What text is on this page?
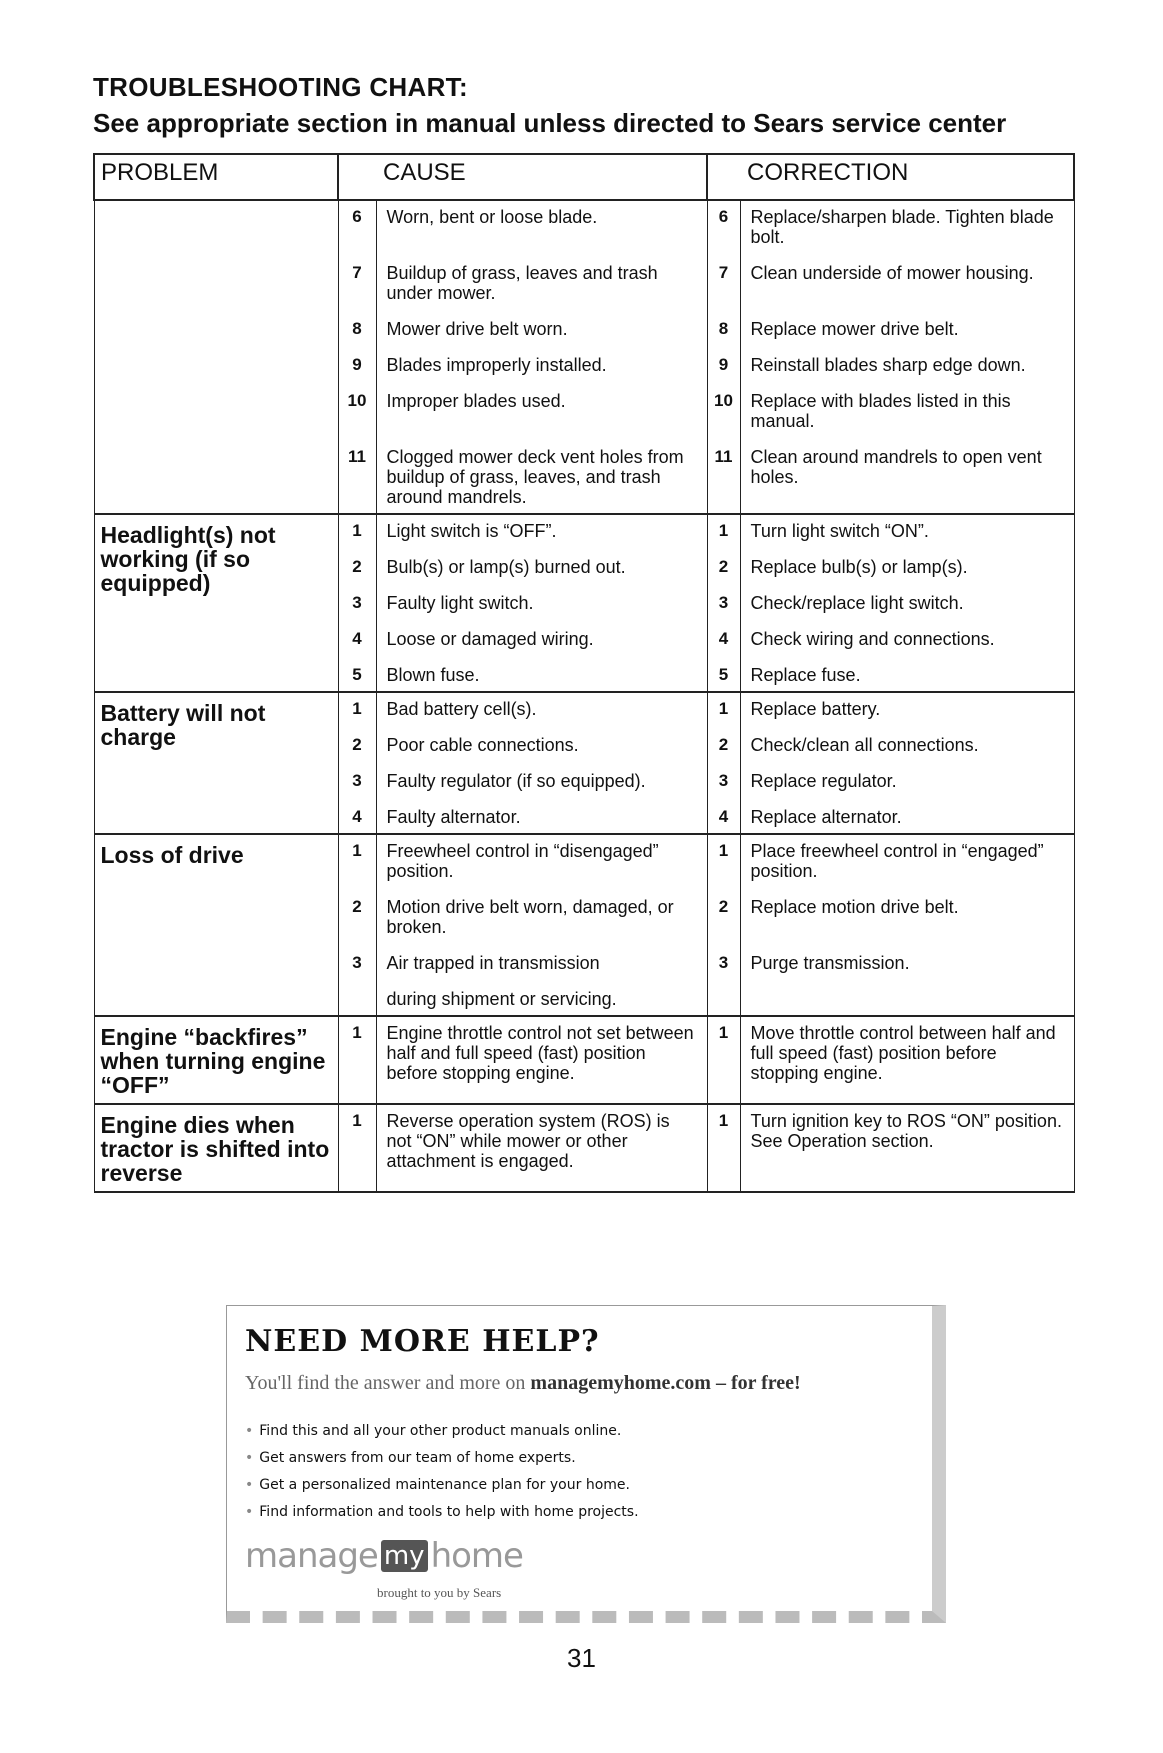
TROUBLESHOOTING CHART:
See appropriate section in manual unless directed to Sears service center
PROBLEM	CAUSE		CORRECTION	
	6	Worn, bent or loose blade.	6	Replace/sharpen blade. Tighten blade bolt.
	7	Buildup of grass, leaves and trash under mower.	7	Clean underside of mower housing.
	8	Mower drive belt worn.	8	Replace mower drive belt.
	9	Blades improperly installed.	9	Reinstall blades sharp edge down.
	10	Improper blades used.	10	Replace with blades listed in this manual.
	11	Clogged mower deck vent holes from buildup of grass, leaves, and trash around mandrels.	11	Clean around mandrels to open vent holes.
Headlight(s) not working (if so equipped)	1	Light switch is “OFF”.	1	Turn light switch “ON”.
	2	Bulb(s) or lamp(s) burned out.	2	Replace bulb(s) or lamp(s).
	3	Faulty light switch.	3	Check/replace light switch.
	4	Loose or damaged wiring.	4	Check wiring and connections.
	5	Blown fuse.	5	Replace fuse.
Battery will not charge	1	Bad battery cell(s).	1	Replace battery.
	2	Poor cable connections.	2	Check/clean all connections.
	3	Faulty regulator (if so equipped).	3	Replace regulator.
	4	Faulty alternator.	4	Replace alternator.
Loss of drive	1	Freewheel control in “disengaged” position.	1	Place freewheel control in “engaged” position.
	2	Motion drive belt worn, damaged, or broken.	2	Replace motion drive belt.
	3	Air trapped in transmission	3	Purge transmission.
		during shipment or servicing.		
Engine “backfires” when turning engine “OFF”	1	Engine throttle control not set between half and full speed (fast) position before stopping engine.	1	Move throttle control between half and full speed (fast) position before stopping engine.
Engine dies when tractor is shifted into reverse	1	Reverse operation system (ROS) is not “ON” while mower or other attachment is engaged.	1	Turn ignition key to ROS “ON” position. See Operation section.
NEED MORE HELP?
You'll find the answer and more on managemyhome.com – for free!
• Find this and all your other product manuals online.
• Get answers from our team of home experts.
• Get a personalized maintenance plan for your home.
• Find information and tools to help with home projects.
manage my home
brought to you by Sears
31
